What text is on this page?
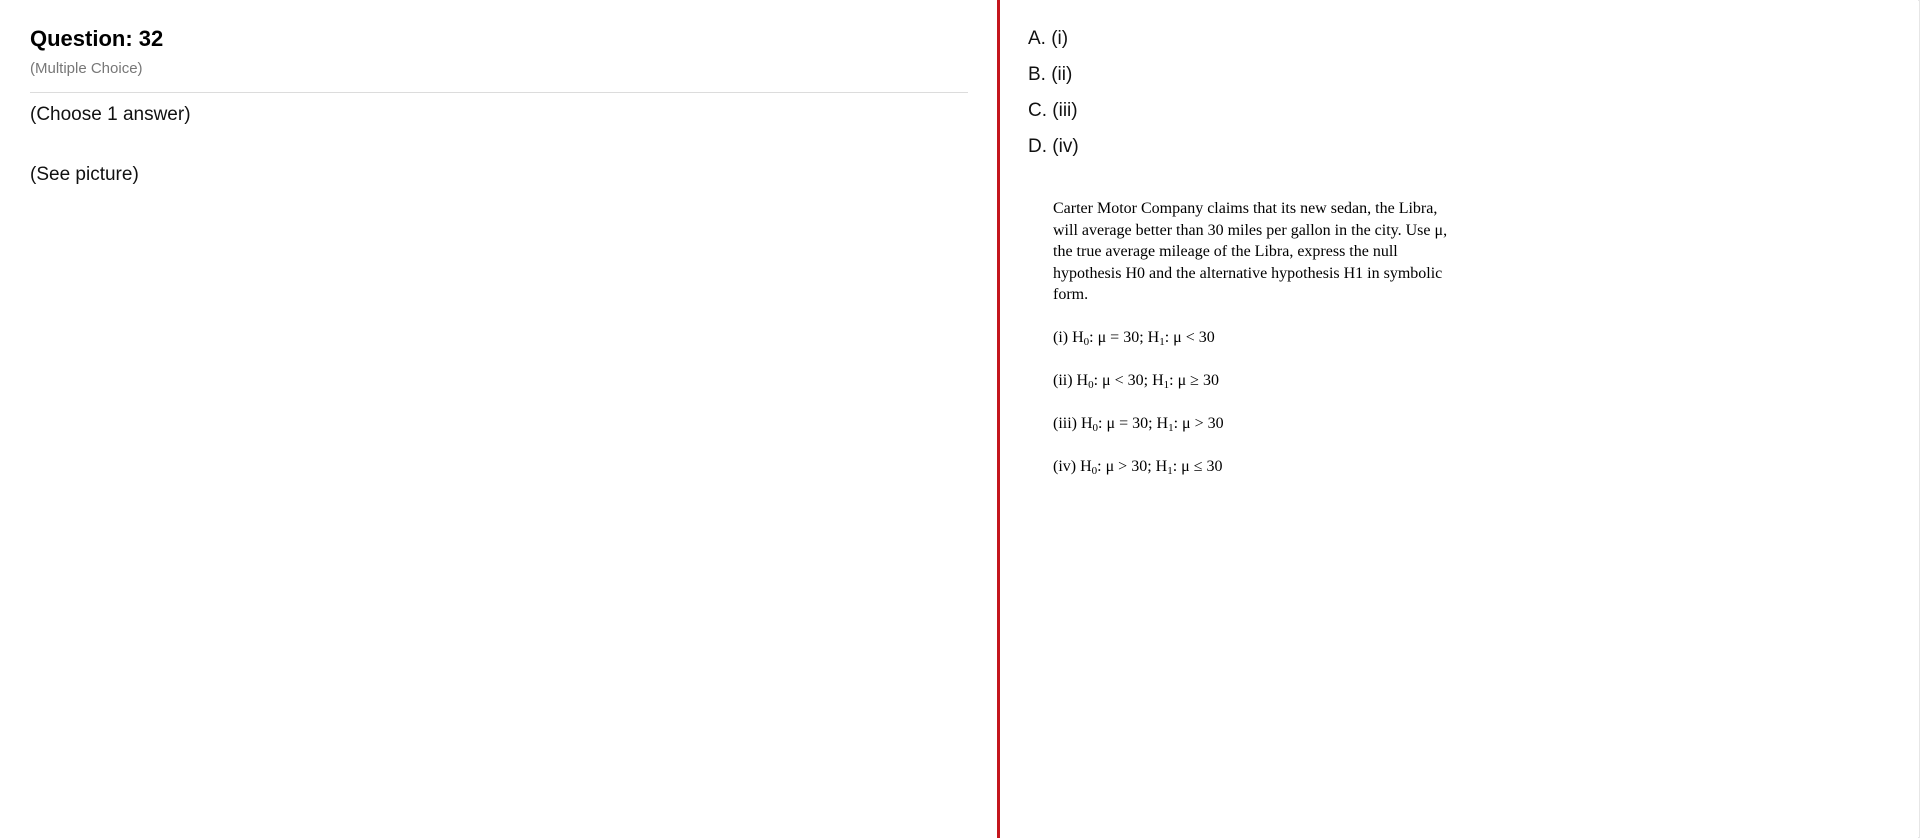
Question: 32
(Multiple Choice)
(Choose 1 answer)
(See picture)
A. (i)
B. (ii)
C. (iii)
D. (iv)
Carter Motor Company claims that its new sedan, the Libra,
will average better than 30 miles per gallon in the city. Use μ,
the true average mileage of the Libra, express the null
hypothesis H0 and the alternative hypothesis H1 in symbolic
form.
(i) $H_0$: μ = 30; $H_1$: μ < 30
(ii) $H_0$: μ < 30; $H_1$: μ ≥ 30
(iii) $H_0$: μ = 30; $H_1$: μ > 30
(iv) $H_0$: μ > 30; $H_1$: μ ≤ 30
